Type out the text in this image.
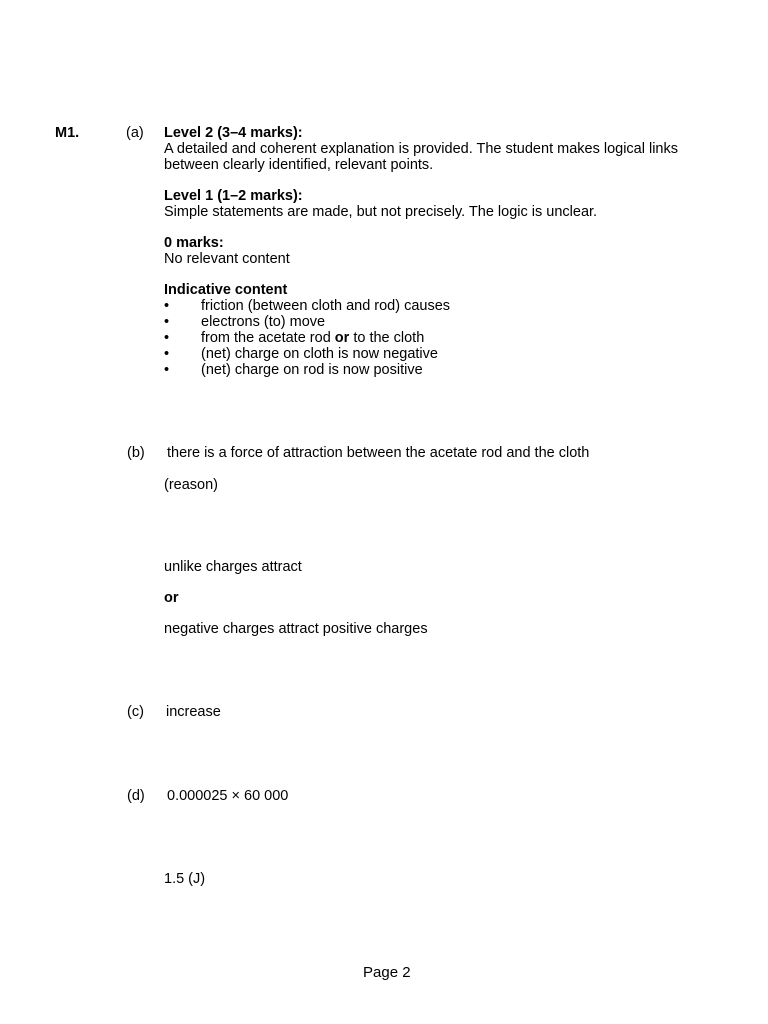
M1.	(a) Level 2 (3–4 marks):
A detailed and coherent explanation is provided. The student makes logical links
between clearly identified, relevant points.
Level 1 (1–2 marks):
Simple statements are made, but not precisely. The logic is unclear.
0 marks:
No relevant content
Indicative content
• friction (between cloth and rod) causes
• electrons (to) move
• from the acetate rod or to the cloth
• (net) charge on cloth is now negative
• (net) charge on rod is now positive
(b) there is a force of attraction between the acetate rod and the cloth
(reason)
unlike charges attract
or
negative charges attract positive charges
(c) increase
(d) 0.000025 × 60 000
1.5 (J)
Page 2
